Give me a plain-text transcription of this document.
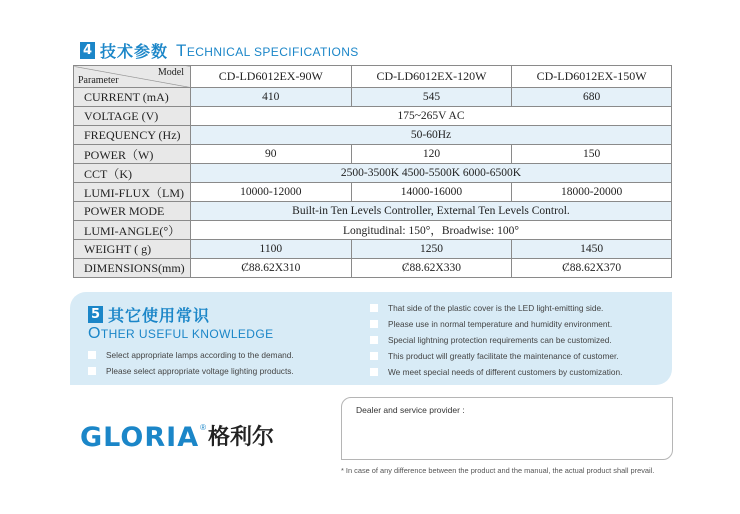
4 技术参数 TECHNICAL SPECIFICATIONS
Model
Parameter	CD-LD6012EX-90W	CD-LD6012EX-120W	CD-LD6012EX-150W
CURRENT (mA)	410	545	680
VOLTAGE (V)	175~265V AC		
FREQUENCY (Hz)	50-60Hz		
POWER（W)	90	120	150
CCT（K)	2500-3500K 4500-5500K 6000-6500K		
LUMI-FLUX（LM)	10000-12000	14000-16000	18000-20000
POWER MODE	Built-in Ten Levels Controller, External Ten Levels Control.		
LUMI-ANGLE(°）	Longitudinal: 150°，Broadwise: 100°		
WEIGHT ( g)	1100	1250	1450
DIMENSIONS(mm)	Ȼ88.62X310	Ȼ88.62X330	Ȼ88.62X370
5 其它使用常识
OTHER USEFUL KNOWLEDGE
Select appropriate lamps according to the demand.
Please select appropriate voltage lighting products.
That side of the plastic cover is the LED light-emitting side.
Please use in normal temperature and humidity environment.
Special lightning protection requirements can be customized.
This product will greatly facilitate the maintenance of customer.
We meet special needs of different customers by customization.
GLORIA ® 格利尔
Dealer and service provider :
* In case of any difference between the product and the manual, the actual product shall prevail.
